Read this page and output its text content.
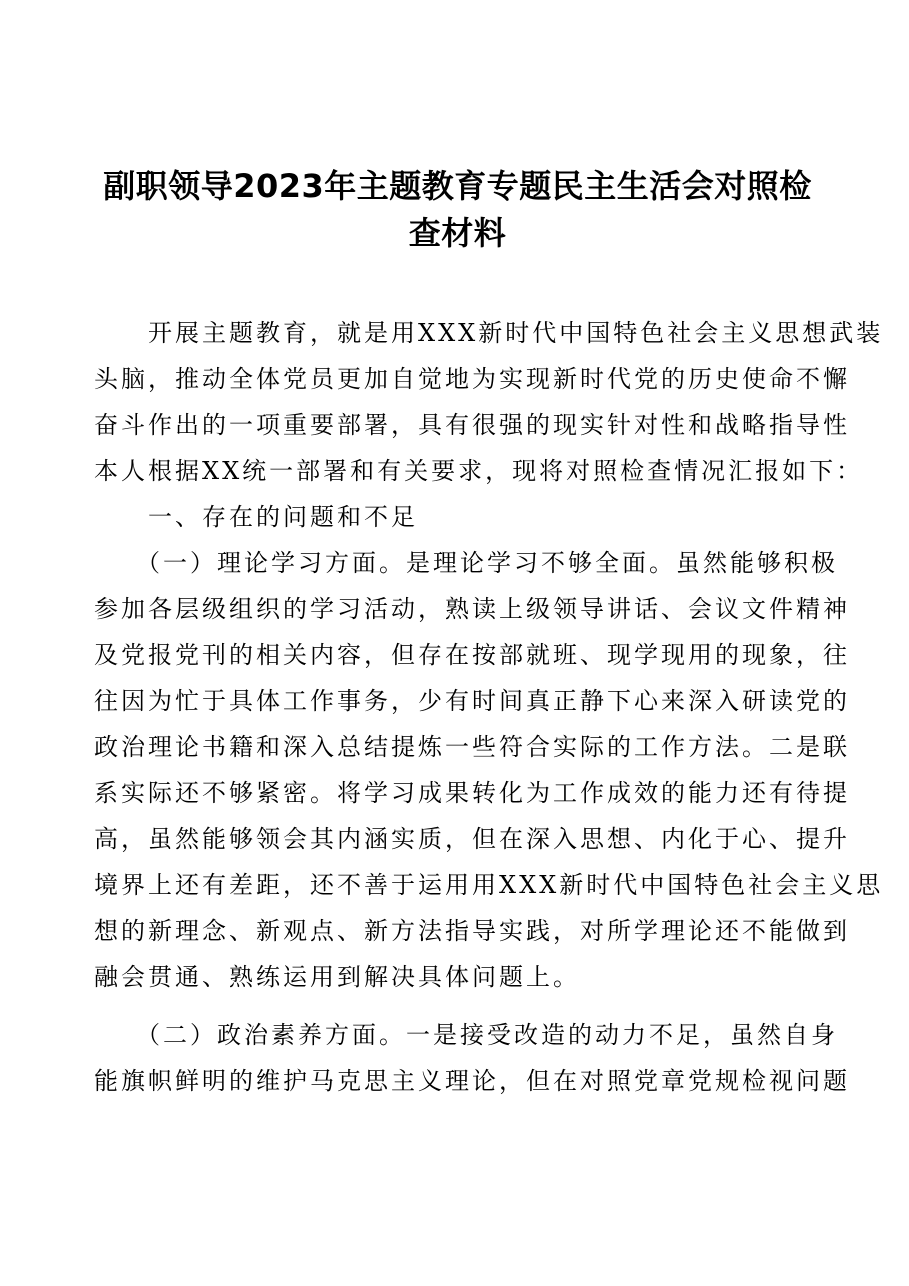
副职领导2023年主题教育专题民主生活会对照检
查材料

　　开展主题教育，就是用XXX新时代中国特色社会主义思想武装
头脑，推动全体党员更加自觉地为实现新时代党的历史使命不懈
奋斗作出的一项重要部署，具有很强的现实针对性和战略指导性
本人根据XX统一部署和有关要求，现将对照检查情况汇报如下：

　　一、存在的问题和不足

　　（一）理论学习方面。是理论学习不够全面。虽然能够积极
参加各层级组织的学习活动，熟读上级领导讲话、会议文件精神
及党报党刊的相关内容，但存在按部就班、现学现用的现象，往
往因为忙于具体工作事务，少有时间真正静下心来深入研读党的
政治理论书籍和深入总结提炼一些符合实际的工作方法。二是联
系实际还不够紧密。将学习成果转化为工作成效的能力还有待提
高，虽然能够领会其内涵实质，但在深入思想、内化于心、提升
境界上还有差距，还不善于运用用XXX新时代中国特色社会主义思
想的新理念、新观点、新方法指导实践，对所学理论还不能做到
融会贯通、熟练运用到解决具体问题上。

　　（二）政治素养方面。一是接受改造的动力不足，虽然自身
能旗帜鲜明的维护马克思主义理论，但在对照党章党规检视问题
